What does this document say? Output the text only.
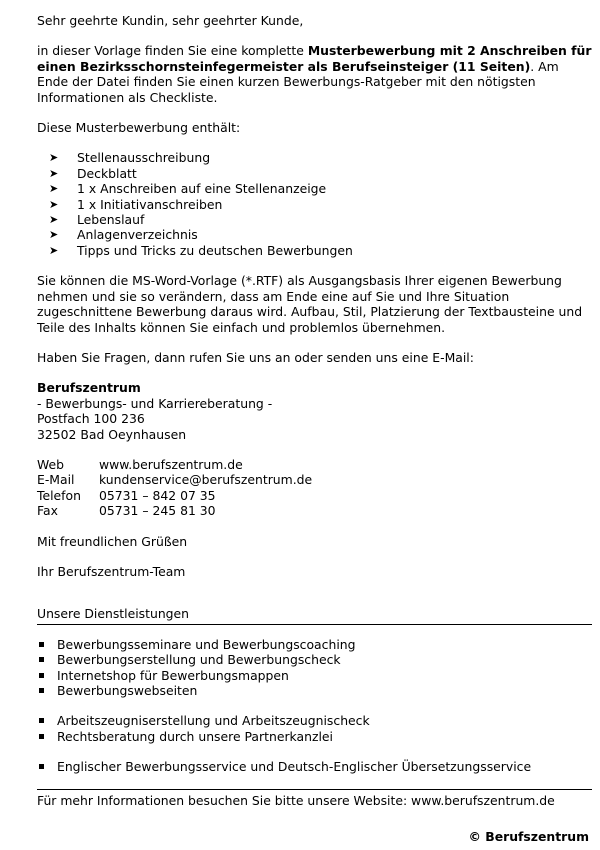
Sehr geehrte Kundin, sehr geehrter Kunde,

in dieser Vorlage finden Sie eine komplette Musterbewerbung mit 2 Anschreiben für einen Bezirksschornsteinfegermeister als Berufseinsteiger (11 Seiten). Am Ende der Datei finden Sie einen kurzen Bewerbungs-Ratgeber mit den nötigsten Informationen als Checkliste.

Diese Musterbewerbung enthält:

➤ Stellenausschreibung
➤ Deckblatt
➤ 1 x Anschreiben auf eine Stellenanzeige
➤ 1 x Initiativanschreiben
➤ Lebenslauf
➤ Anlagenverzeichnis
➤ Tipps und Tricks zu deutschen Bewerbungen

Sie können die MS-Word-Vorlage (*.RTF) als Ausgangsbasis Ihrer eigenen Bewerbung nehmen und sie so verändern, dass am Ende eine auf Sie und Ihre Situation zugeschnittene Bewerbung daraus wird. Aufbau, Stil, Platzierung der Textbausteine und Teile des Inhalts können Sie einfach und problemlos übernehmen.

Haben Sie Fragen, dann rufen Sie uns an oder senden uns eine E-Mail:

Berufszentrum

- Bewerbungs- und Karriereberatung -

Postfach 100 236

32502 Bad Oeynhausen

Web	www.berufszentrum.de
E-Mail	kundenservice@berufszentrum.de
Telefon	05731 – 842 07 35
Fax	05731 – 245 81 30

Mit freundlichen Grüßen

Ihr Berufszentrum-Team

Unsere Dienstleistungen
Bewerbungsseminare und Bewerbungscoaching
Bewerbungserstellung und Bewerbungscheck
Internetshop für Bewerbungsmappen
Bewerbungswebseiten
Arbeitszeugniserstellung und Arbeitszeugnischeck
Rechtsberatung durch unsere Partnerkanzlei
Englischer Bewerbungsservice und Deutsch-Englischer Übersetzungsservice

Für mehr Informationen besuchen Sie bitte unsere Website: www.berufszentrum.de

© Berufszentrum
